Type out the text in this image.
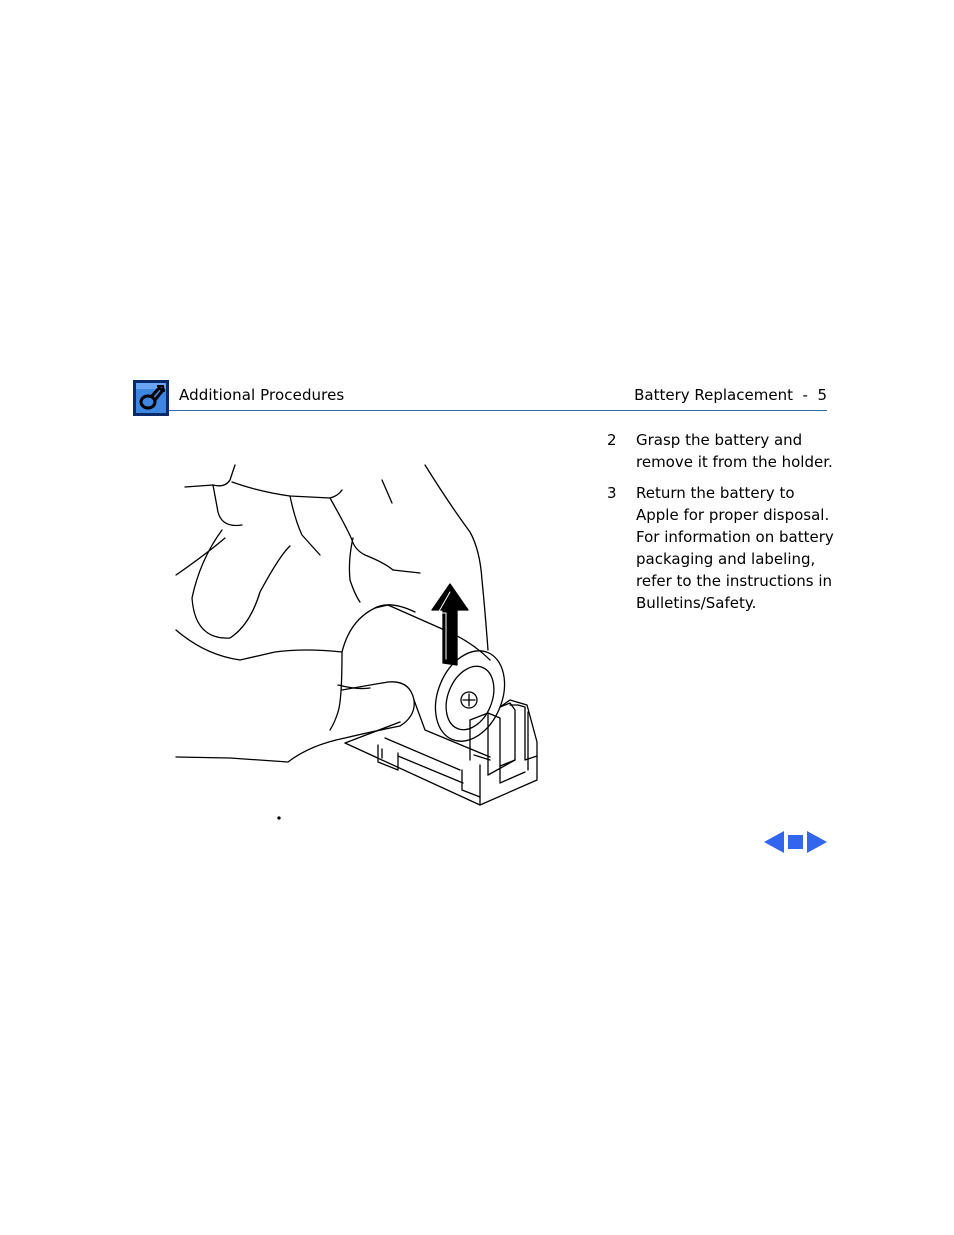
Additional Procedures	Battery Replacement  -  5
2 Grasp the battery and remove it from the holder.
3 Return the battery to Apple for proper disposal. For information on battery packaging and labeling, refer to the instructions in Bulletins/Safety.
